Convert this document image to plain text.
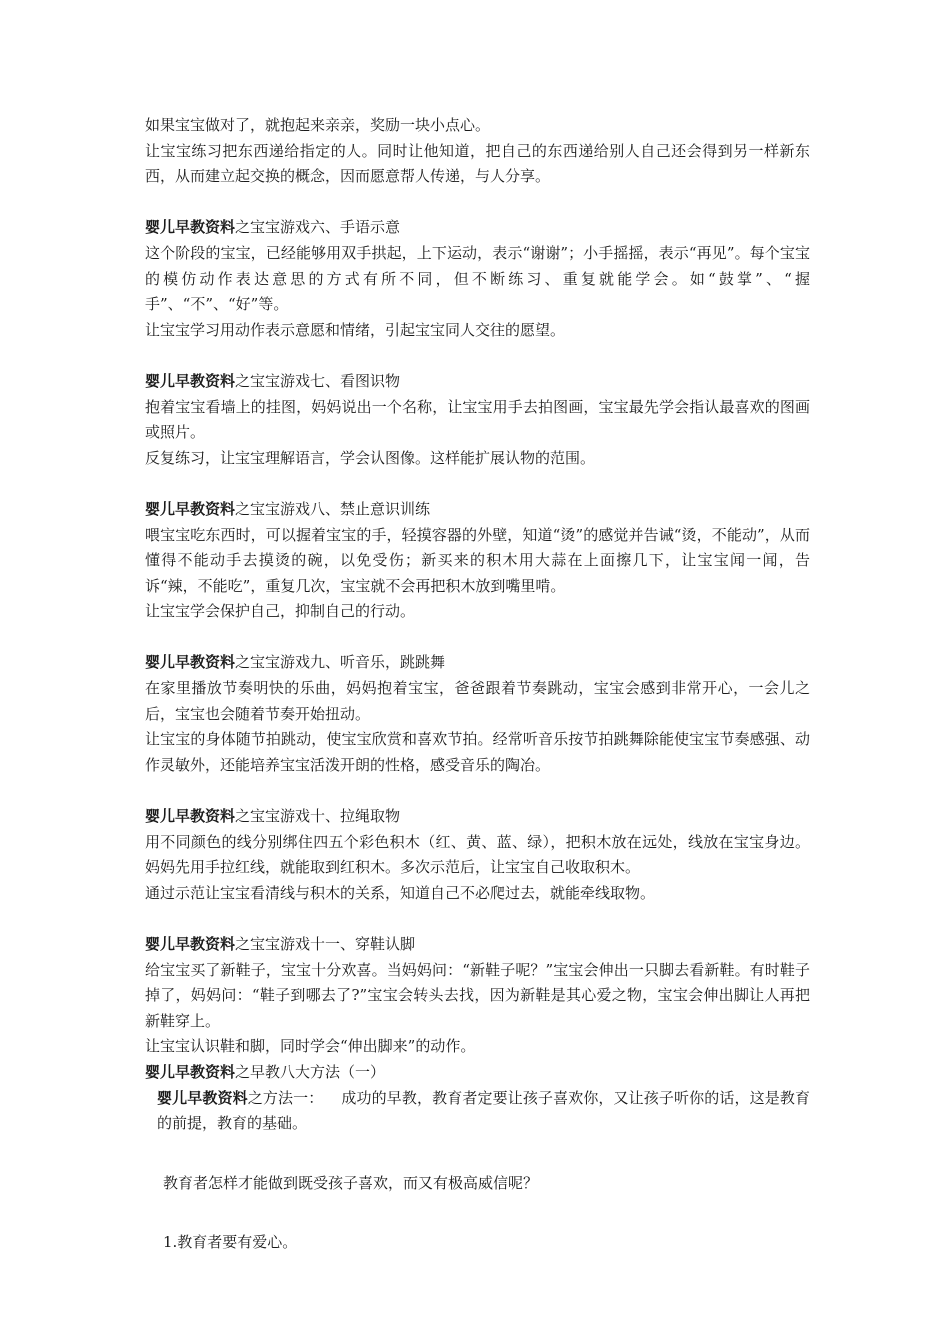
如果宝宝做对了，就抱起来亲亲，奖励一块小点心。

让宝宝练习把东西递给指定的人。同时让他知道，把自己的东西递给别人自己还会得到另一样新东西，从而建立起交换的概念，因而愿意帮人传递，与人分享。

婴儿早教资料之宝宝游戏六、手语示意

这个阶段的宝宝，已经能够用双手拱起，上下运动，表示“谢谢”；小手摇摇，表示“再见”。每个宝宝的模仿动作表达意思的方式有所不同，但不断练习、重复就能学会。如“鼓掌”、“握手”、“不”、“好”等。

让宝宝学习用动作表示意愿和情绪，引起宝宝同人交往的愿望。

婴儿早教资料之宝宝游戏七、看图识物

抱着宝宝看墙上的挂图，妈妈说出一个名称，让宝宝用手去拍图画，宝宝最先学会指认最喜欢的图画或照片。

反复练习，让宝宝理解语言，学会认图像。这样能扩展认物的范围。

婴儿早教资料之宝宝游戏八、禁止意识训练

喂宝宝吃东西时，可以握着宝宝的手，轻摸容器的外壁，知道“烫”的感觉并告诫“烫，不能动”，从而懂得不能动手去摸烫的碗，以免受伤；新买来的积木用大蒜在上面擦几下，让宝宝闻一闻，告诉“辣，不能吃”，重复几次，宝宝就不会再把积木放到嘴里啃。

让宝宝学会保护自己，抑制自己的行动。

婴儿早教资料之宝宝游戏九、听音乐，跳跳舞

在家里播放节奏明快的乐曲，妈妈抱着宝宝，爸爸跟着节奏跳动，宝宝会感到非常开心，一会儿之后，宝宝也会随着节奏开始扭动。

让宝宝的身体随节拍跳动，使宝宝欣赏和喜欢节拍。经常听音乐按节拍跳舞除能使宝宝节奏感强、动作灵敏外，还能培养宝宝活泼开朗的性格，感受音乐的陶冶。

婴儿早教资料之宝宝游戏十、拉绳取物

用不同颜色的线分别绑住四五个彩色积木（红、黄、蓝、绿），把积木放在远处，线放在宝宝身边。妈妈先用手拉红线，就能取到红积木。多次示范后，让宝宝自己收取积木。

通过示范让宝宝看清线与积木的关系，知道自己不必爬过去，就能牵线取物。

婴儿早教资料之宝宝游戏十一、穿鞋认脚

给宝宝买了新鞋子，宝宝十分欢喜。当妈妈问：“新鞋子呢？”宝宝会伸出一只脚去看新鞋。有时鞋子掉了，妈妈问：“鞋子到哪去了?”宝宝会转头去找，因为新鞋是其心爱之物，宝宝会伸出脚让人再把新鞋穿上。

让宝宝认识鞋和脚，同时学会“伸出脚来”的动作。

婴儿早教资料之早教八大方法（一）

婴儿早教资料之方法一： 成功的早教，教育者定要让孩子喜欢你，又让孩子听你的话，这是教育的前提，教育的基础。

教育者怎样才能做到既受孩子喜欢，而又有极高威信呢？

1.教育者要有爱心。
